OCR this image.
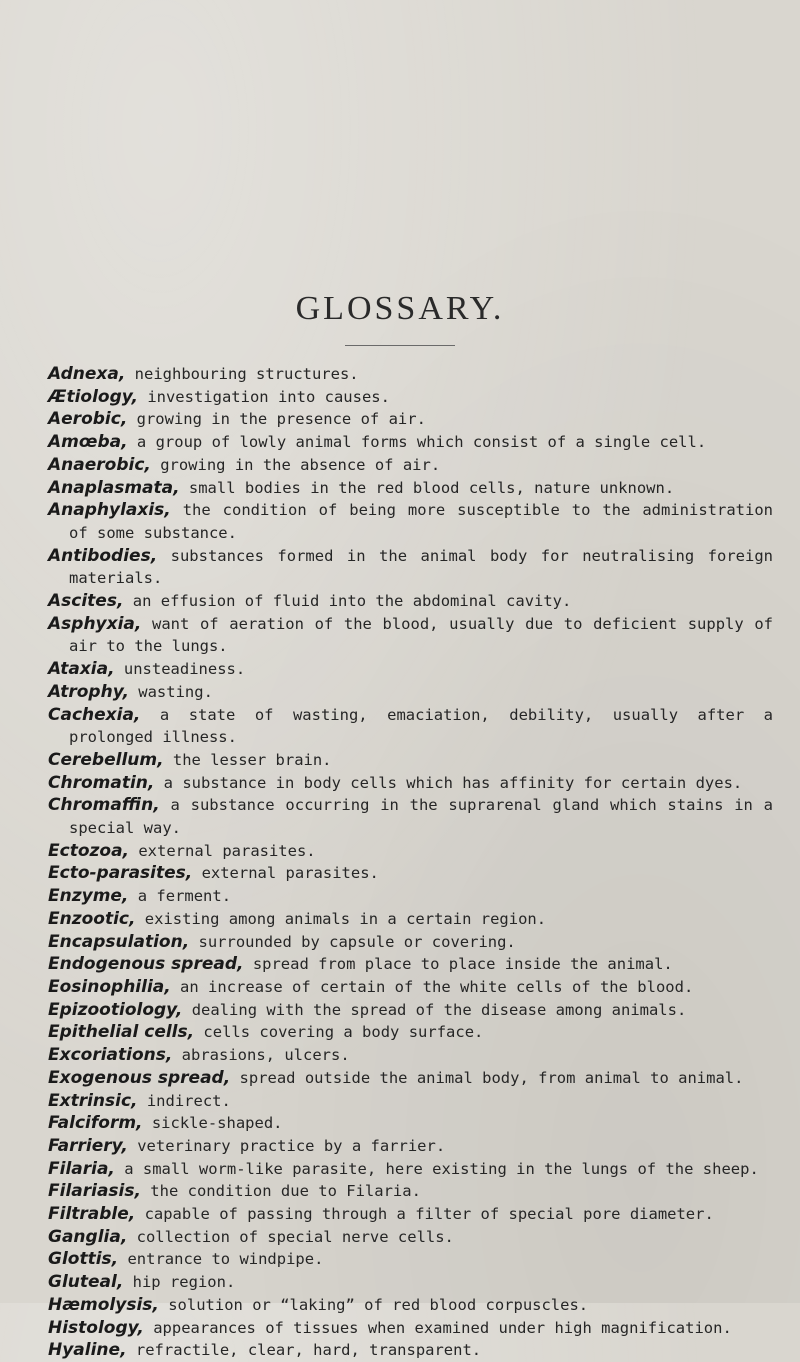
GLOSSARY.
Adnexa, neighbouring structures.
Ætiology, investigation into causes.
Aerobic, growing in the presence of air.
Amœba, a group of lowly animal forms which consist of a single cell.
Anaerobic, growing in the absence of air.
Anaplasmata, small bodies in the red blood cells, nature unknown.
Anaphylaxis, the condition of being more susceptible to the administration of some substance.
Antibodies, substances formed in the animal body for neutralising foreign materials.
Ascites, an effusion of fluid into the abdominal cavity.
Asphyxia, want of aeration of the blood, usually due to deficient supply of air to the lungs.
Ataxia, unsteadiness.
Atrophy, wasting.
Cachexia, a state of wasting, emaciation, debility, usually after a prolonged illness.
Cerebellum, the lesser brain.
Chromatin, a substance in body cells which has affinity for certain dyes.
Chromaffin, a substance occurring in the suprarenal gland which stains in a special way.
Ectozoa, external parasites.
Ecto-parasites, external parasites.
Enzyme, a ferment.
Enzootic, existing among animals in a certain region.
Encapsulation, surrounded by capsule or covering.
Endogenous spread, spread from place to place inside the animal.
Eosinophilia, an increase of certain of the white cells of the blood.
Epizootiology, dealing with the spread of the disease among animals.
Epithelial cells, cells covering a body surface.
Excoriations, abrasions, ulcers.
Exogenous spread, spread outside the animal body, from animal to animal.
Extrinsic, indirect.
Falciform, sickle-shaped.
Farriery, veterinary practice by a farrier.
Filaria, a small worm-like parasite, here existing in the lungs of the sheep.
Filariasis, the condition due to Filaria.
Filtrable, capable of passing through a filter of special pore diameter.
Ganglia, collection of special nerve cells.
Glottis, entrance to windpipe.
Gluteal, hip region.
Hæmolysis, solution or “laking” of red blood corpuscles.
Histology, appearances of tissues when examined under high magnification.
Hyaline, refractile, clear, hard, transparent.
